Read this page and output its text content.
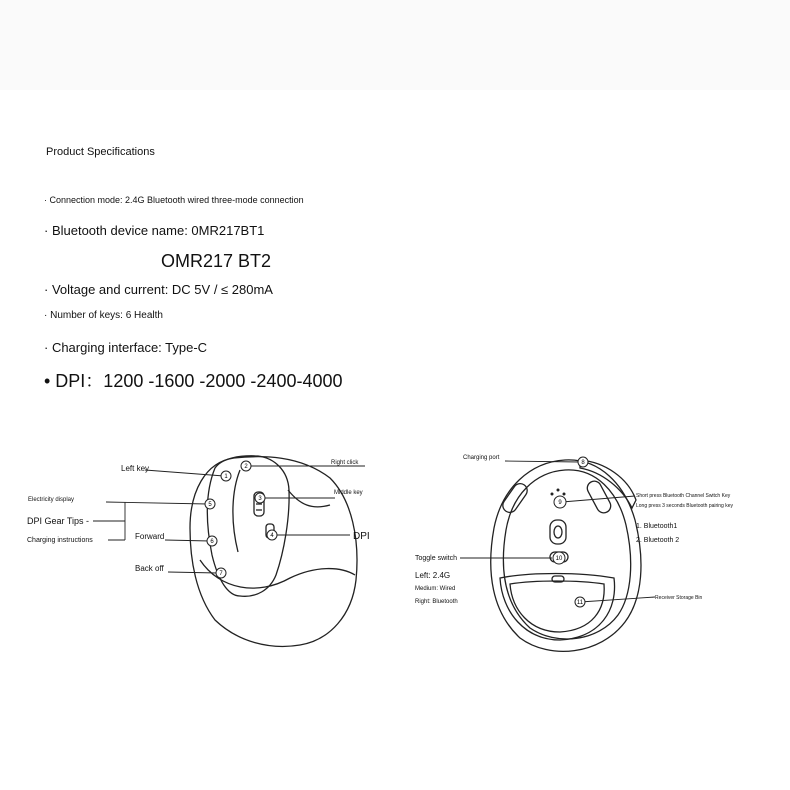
Product Specifications
· Connection mode: 2.4G Bluetooth wired three-mode connection
· Bluetooth device name: 0MR217BT1
OMR217 BT2
· Voltage and current: DC 5V / ≤ 280mA
· Number of keys: 6 Health
· Charging interface: Type-C
• DPI：1200 -1600 -2000 -2400-4000
1
2
3
4
5
6
7
8
9
10
11
Left key
Right click
Middle key
Electricity display
DPI Gear Tips -
Charging instructions	Forward
Back off
DPI
Charging port
Short press Bluetooth Channel Switch Key
Long press 3 seconds Bluetooth pairing key
1. Bluetooth1
2. Bluetooth 2
Toggle switch
Left: 2.4G
Medium: Wired
Right: Bluetooth
· Receiver Storage Bin
